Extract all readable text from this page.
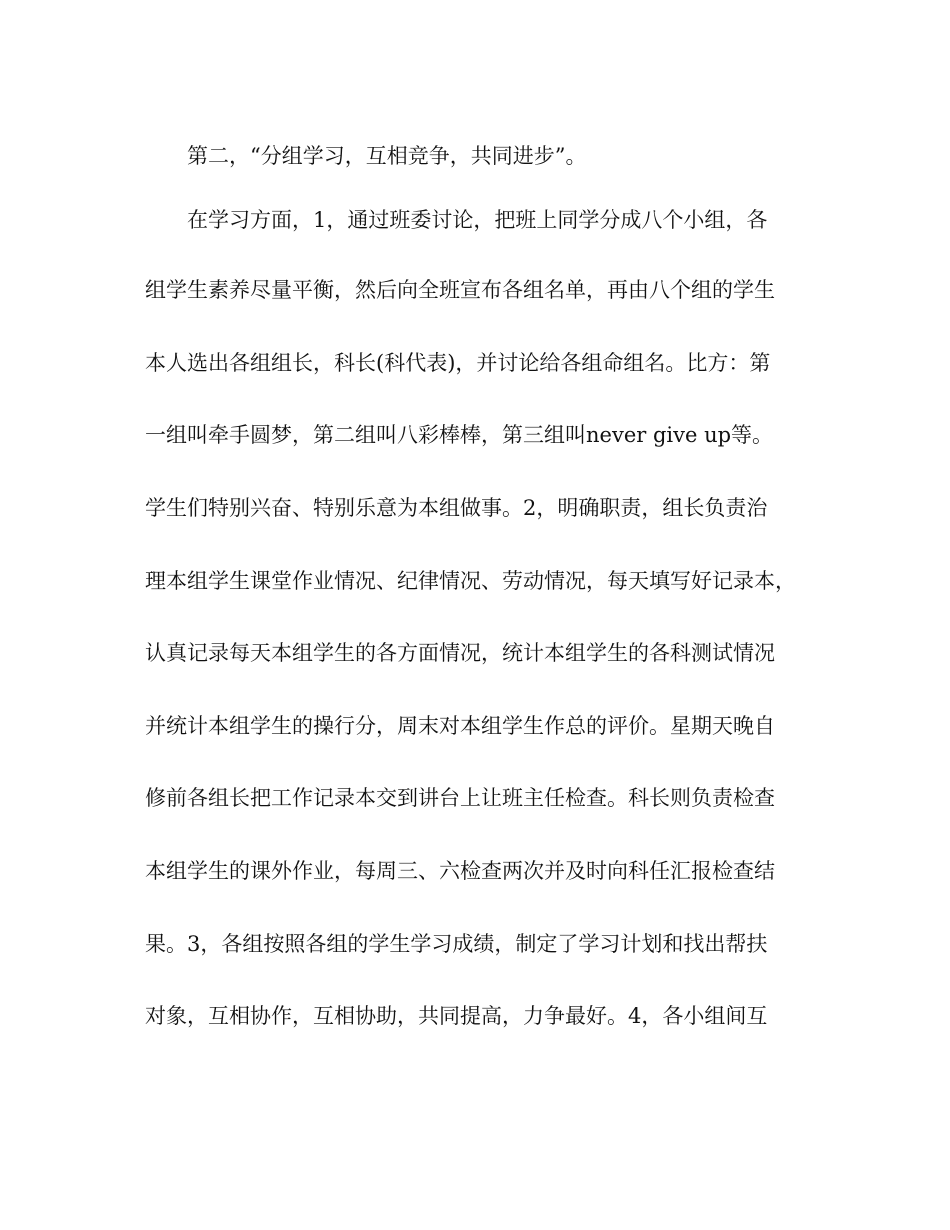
第二，“分组学习，互相竞争，共同进步”。
在学习方面，1，通过班委讨论，把班上同学分成八个小组，各
组学生素养尽量平衡，然后向全班宣布各组名单，再由八个组的学生
本人选出各组组长，科长(科代表)，并讨论给各组命组名。比方：第
一组叫牵手圆梦，第二组叫八彩棒棒，第三组叫never give up等。
学生们特别兴奋、特别乐意为本组做事。2，明确职责，组长负责治
理本组学生课堂作业情况、纪律情况、劳动情况，每天填写好记录本，
认真记录每天本组学生的各方面情况，统计本组学生的各科测试情况
并统计本组学生的操行分，周末对本组学生作总的评价。星期天晚自
修前各组长把工作记录本交到讲台上让班主任检查。科长则负责检查
本组学生的课外作业，每周三、六检查两次并及时向科任汇报检查结
果。3，各组按照各组的学生学习成绩，制定了学习计划和找出帮扶
对象，互相协作，互相协助，共同提高，力争最好。4，各小组间互
